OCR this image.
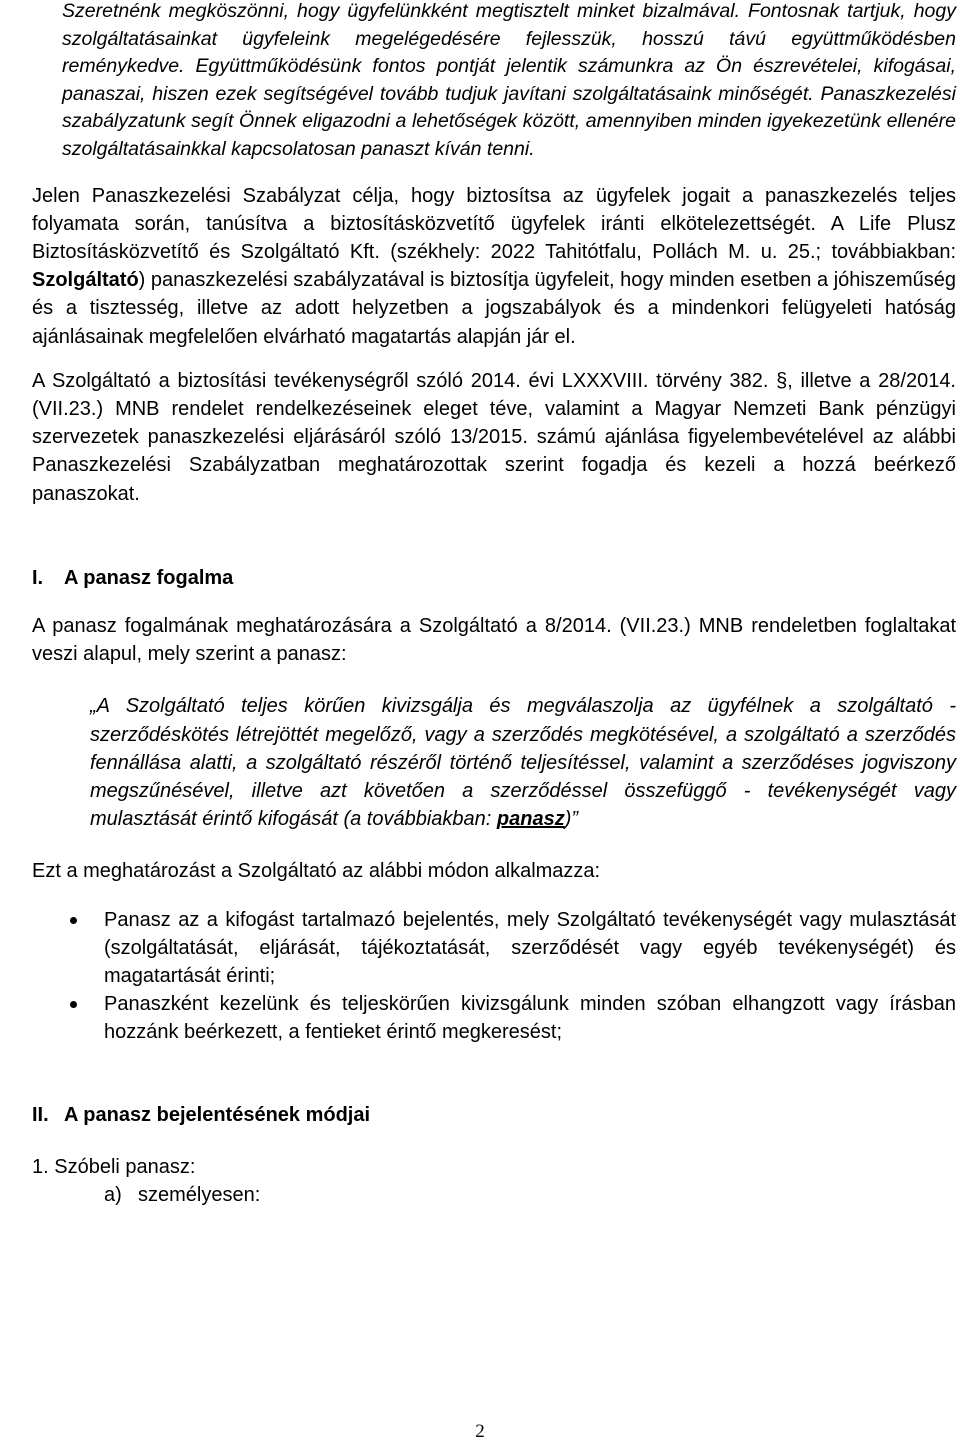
Szeretnénk megköszönni, hogy ügyfelünkként megtisztelt minket bizalmával. Fontosnak tartjuk, hogy szolgáltatásainkat ügyfeleink megelégedésére fejlesszük, hosszú távú együttműködésben reménykedve. Együttműködésünk fontos pontját jelentik számunkra az Ön észrevételei, kifogásai, panaszai, hiszen ezek segítségével tovább tudjuk javítani szolgáltatásaink minőségét. Panaszkezelési szabályzatunk segít Önnek eligazodni a lehetőségek között, amennyiben minden igyekezetünk ellenére szolgáltatásainkkal kapcsolatosan panaszt kíván tenni.

Jelen Panaszkezelési Szabályzat célja, hogy biztosítsa az ügyfelek jogait a panaszkezelés teljes folyamata során, tanúsítva a biztosításközvetítő ügyfelek iránti elkötelezettségét. A Life Plusz Biztosításközvetítő és Szolgáltató Kft. (székhely: 2022 Tahitótfalu, Pollách M. u. 25.; továbbiakban: Szolgáltató) panaszkezelési szabályzatával is biztosítja ügyfeleit, hogy minden esetben a jóhiszeműség és a tisztesség, illetve az adott helyzetben a jogszabályok és a mindenkori felügyeleti hatóság ajánlásainak megfelelően elvárható magatartás alapján jár el.

A Szolgáltató a biztosítási tevékenységről szóló 2014. évi LXXXVIII. törvény 382. §, illetve a 28/2014. (VII.23.) MNB rendelet rendelkezéseinek eleget téve, valamint a Magyar Nemzeti Bank pénzügyi szervezetek panaszkezelési eljárásáról szóló 13/2015. számú ajánlása figyelembevételével az alábbi Panaszkezelési Szabályzatban meghatározottak szerint fogadja és kezeli a hozzá beérkező panaszokat.

I.	A panasz fogalma

A panasz fogalmának meghatározására a Szolgáltató a 8/2014. (VII.23.) MNB rendeletben foglaltakat veszi alapul, mely szerint a panasz:

„A Szolgáltató teljes körűen kivizsgálja és megválaszolja az ügyfélnek a szolgáltató - szerződéskötés létrejöttét megelőző, vagy a szerződés megkötésével, a szolgáltató a szerződés fennállása alatti, a szolgáltató részéről történő teljesítéssel, valamint a szerződéses jogviszony megszűnésével, illetve azt követően a szerződéssel összefüggő - tevékenységét vagy mulasztását érintő kifogását (a továbbiakban: panasz)”

Ezt a meghatározást a Szolgáltató az alábbi módon alkalmazza:

Panasz az a kifogást tartalmazó bejelentés, mely Szolgáltató tevékenységét vagy mulasztását (szolgáltatását, eljárását, tájékoztatását, szerződését vagy egyéb tevékenységét) és magatartását érinti;
Panaszként kezelünk és teljeskörűen kivizsgálunk minden szóban elhangzott vagy írásban hozzánk beérkezett, a fentieket érintő megkeresést;
II. A panasz bejelentésének módjai

1. Szóbeli panasz:

a) személyesen:

2
